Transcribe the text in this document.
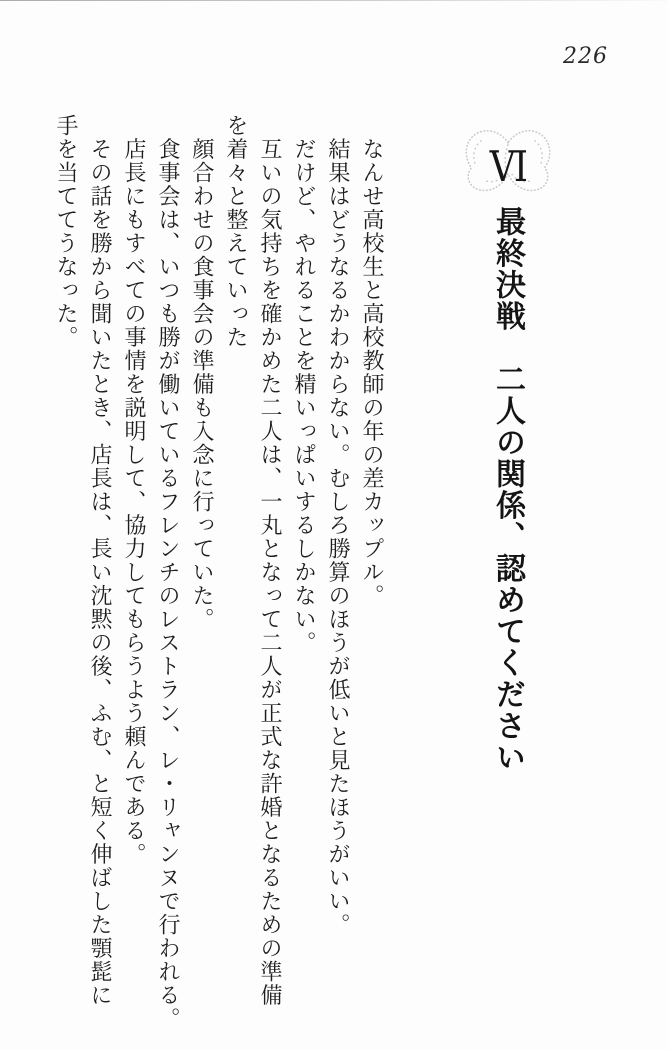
226
VI
最終決戦　二人の関係、認めてください

　なんせ高校生と高校教師の年の差カップル。

　結果はどうなるかわからない。むしろ勝算のほうが低いと見たほうがいい。

　だけど、やれることを精いっぱいするしかない。

　互いの気持ちを確かめた二人は、一丸となって二人が正式な許婚となるための準備

を着々と整えていった

　顔合わせの食事会の準備も入念に行っていた。

　食事会は、いつも勝が働いているフレンチのレストラン、レ・リャンヌで行われる。

　店長にもすべての事情を説明して、協力してもらうよう頼んである。

　その話を勝から聞いたとき、店長は、長い沈黙の後、ふむ、と短く伸ばした顎髭に

手を当ててうなった。
